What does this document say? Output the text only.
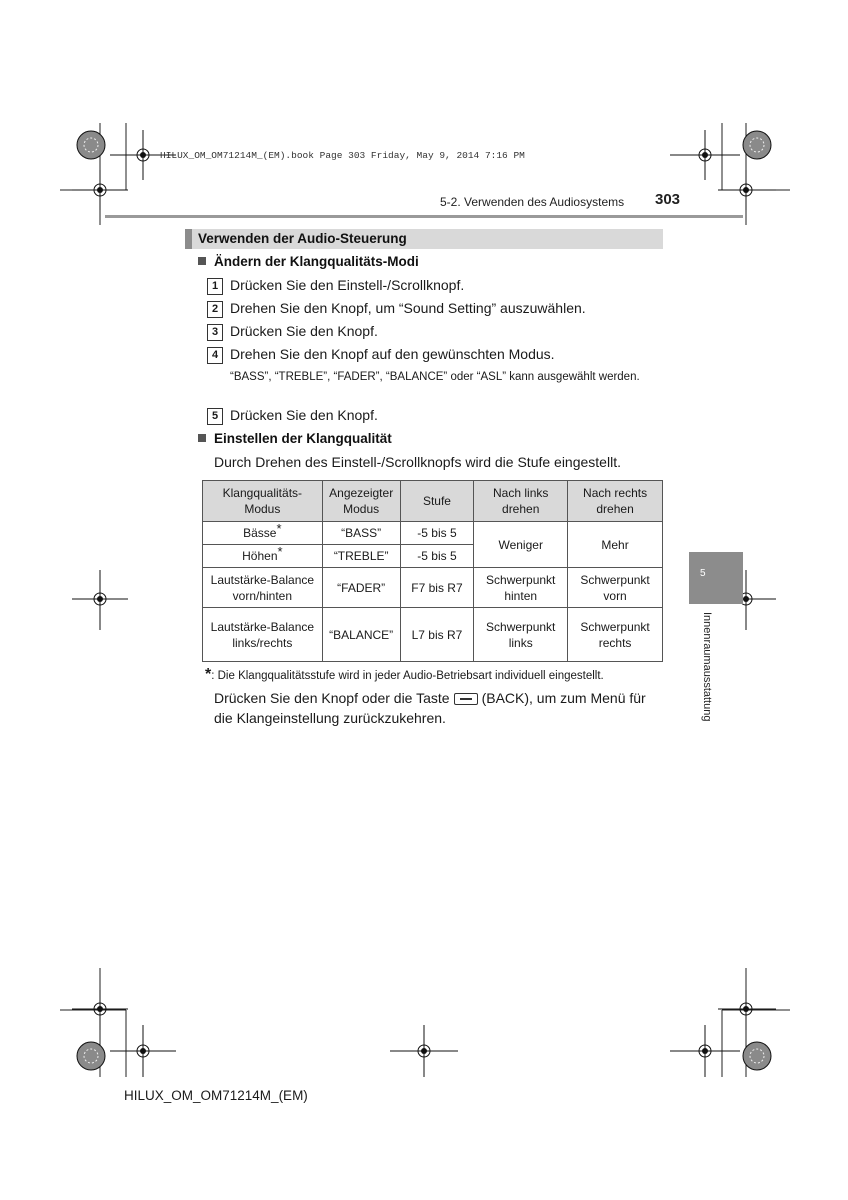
HILUX_OM_OM71214M_(EM).book Page 303 Friday, May 9, 2014 7:16 PM
5-2. Verwenden des Audiosystems 303
Verwenden der Audio-Steuerung
Ändern der Klangqualitäts-Modi
1 Drücken Sie den Einstell-/Scrollknopf.
2 Drehen Sie den Knopf, um “Sound Setting” auszuwählen.
3 Drücken Sie den Knopf.
4 Drehen Sie den Knopf auf den gewünschten Modus.
“BASS”, “TREBLE”, “FADER”, “BALANCE” oder “ASL” kann ausgewählt werden.
5 Drücken Sie den Knopf.
Einstellen der Klangqualität
Durch Drehen des Einstell-/Scrollknopfs wird die Stufe eingestellt.
Klangqualitäts-Modus	Angezeigter Modus	Stufe	Nach links drehen	Nach rechts drehen
Bässe*	“BASS”	-5 bis 5	Weniger	Mehr
Höhen*	“TREBLE”	-5 bis 5		
Lautstärke-Balance vorn/hinten	“FADER”	F7 bis R7	Schwerpunkt hinten	Schwerpunkt vorn
Lautstärke-Balance links/rechts	“BALANCE”	L7 bis R7	Schwerpunkt links	Schwerpunkt rechts
*: Die Klangqualitätsstufe wird in jeder Audio-Betriebsart individuell eingestellt.
Drücken Sie den Knopf oder die Taste (BACK), um zum Menü für die Klangeinstellung zurückzukehren.
5
Innenraumausstattung
HILUX_OM_OM71214M_(EM)
